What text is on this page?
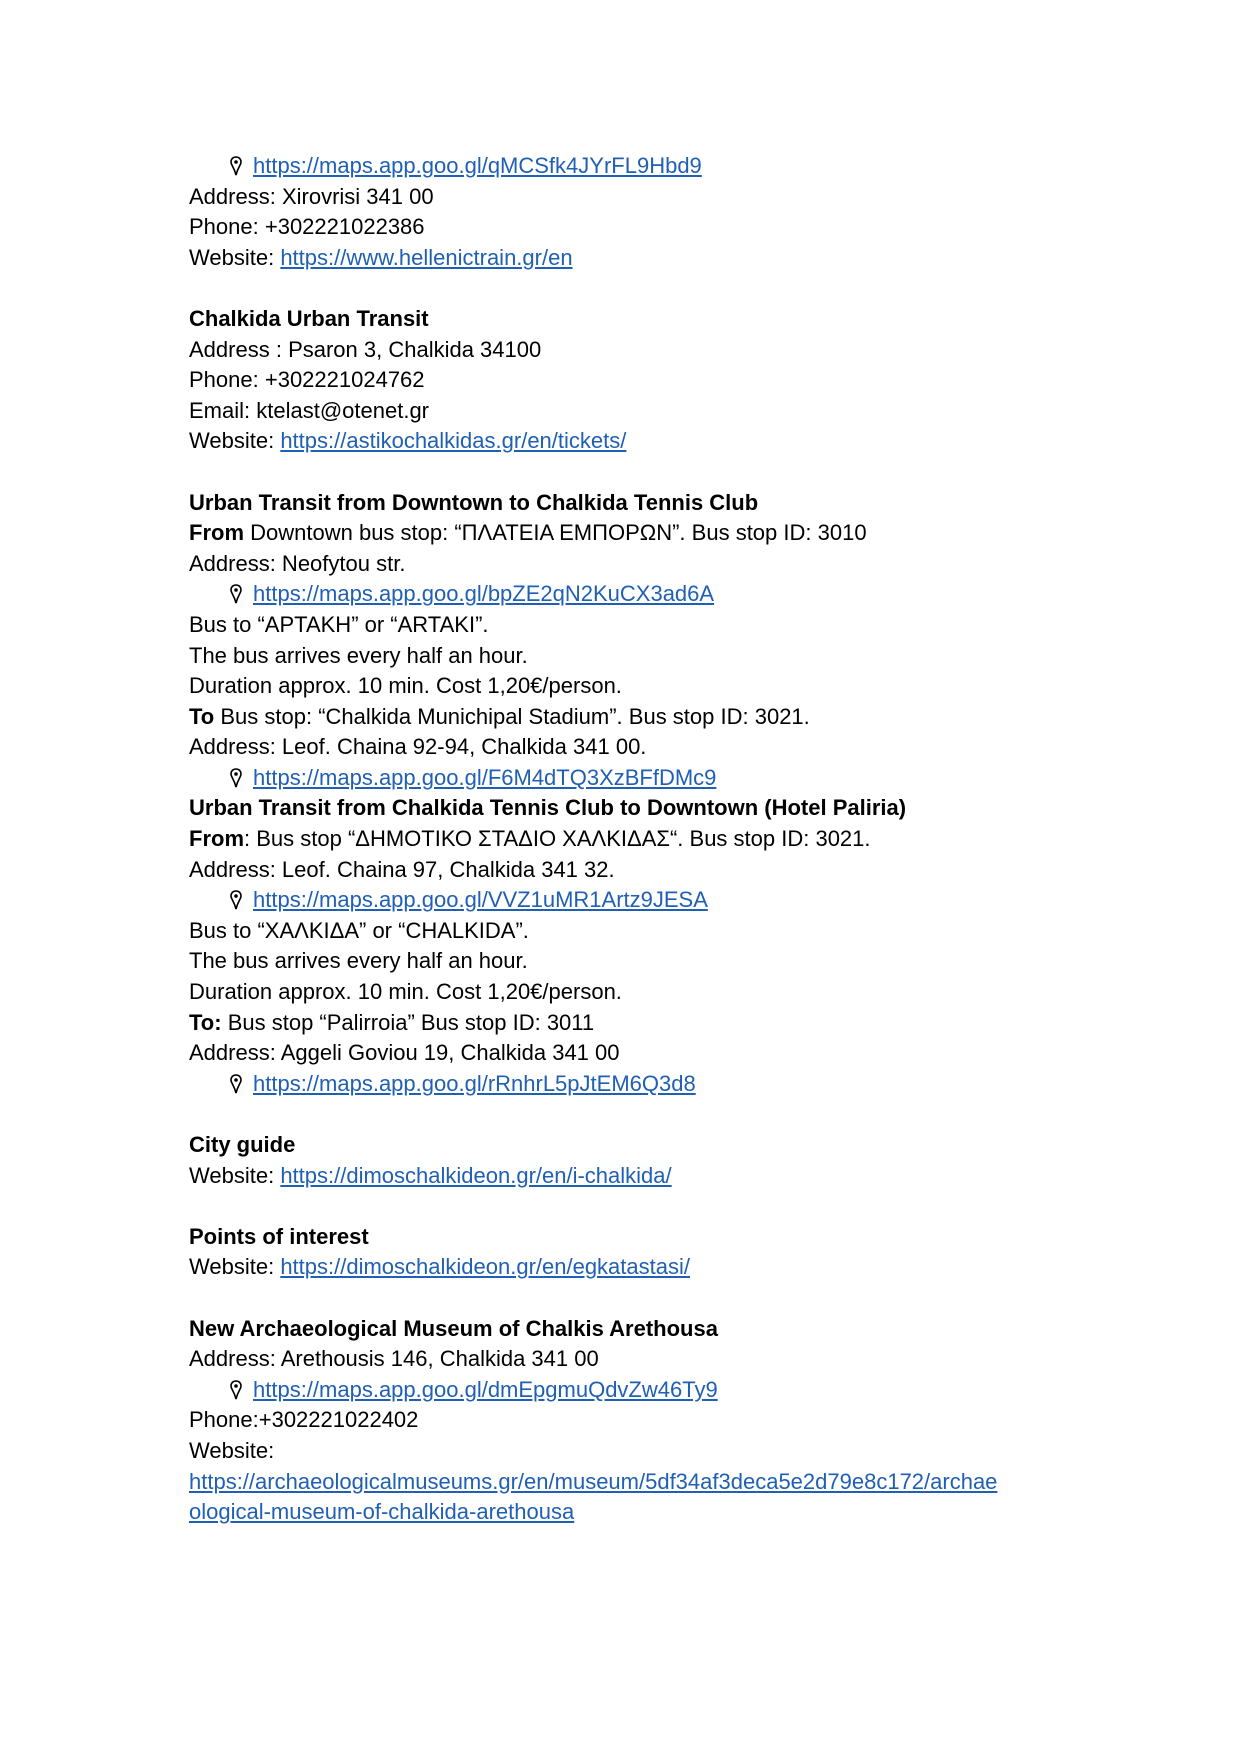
https://maps.app.goo.gl/qMCSfk4JYrFL9Hbd9
Address: Xirovrisi 341 00
Phone: +302221022386
Website: https://www.hellenictrain.gr/en
Chalkida Urban Transit
Address : Psaron 3, Chalkida 34100
Phone: +302221024762
Email: ktelast@otenet.gr
Website: https://astikochalkidas.gr/en/tickets/
Urban Transit from Downtown to Chalkida Tennis Club
From Downtown bus stop: “ΠΛΑΤΕΙΑ ΕΜΠΟΡΩΝ”. Bus stop ID: 3010
Address: Neofytou str.
https://maps.app.goo.gl/bpZE2qN2KuCX3ad6A
Bus to “ΑΡΤΑΚΗ” or “ARTAKI”.
The bus arrives every half an hour.
Duration approx. 10 min. Cost 1,20€/person.
To Bus stop: “Chalkida Munichipal Stadium”. Bus stop ID: 3021.
Address: Leof. Chaina 92-94, Chalkida 341 00.
https://maps.app.goo.gl/F6M4dTQ3XzBFfDMc9
Urban Transit from Chalkida Tennis Club to Downtown (Hotel Paliria)
From: Bus stop “ΔΗΜΟΤΙΚΟ ΣΤΑΔΙΟ ΧΑΛΚΙΔΑΣ“. Bus stop ID: 3021.
Address: Leof. Chaina 97, Chalkida 341 32.
https://maps.app.goo.gl/VVZ1uMR1Artz9JESA
Bus to “ΧΑΛΚΙΔΑ” or “CHALKIDA”.
The bus arrives every half an hour.
Duration approx. 10 min. Cost 1,20€/person.
To: Bus stop “Palirroia” Bus stop ID: 3011
Address: Aggeli Goviou 19, Chalkida 341 00
https://maps.app.goo.gl/rRnhrL5pJtEM6Q3d8
City guide
Website: https://dimoschalkideon.gr/en/i-chalkida/
Points of interest
Website: https://dimoschalkideon.gr/en/egkatastasi/
New Archaeological Museum of Chalkis Arethousa
Address: Arethousis 146, Chalkida 341 00
https://maps.app.goo.gl/dmEpgmuQdvZw46Ty9
Phone:+302221022402
Website:
https://archaeologicalmuseums.gr/en/museum/5df34af3deca5e2d79e8c172/archae
ological-museum-of-chalkida-arethousa
